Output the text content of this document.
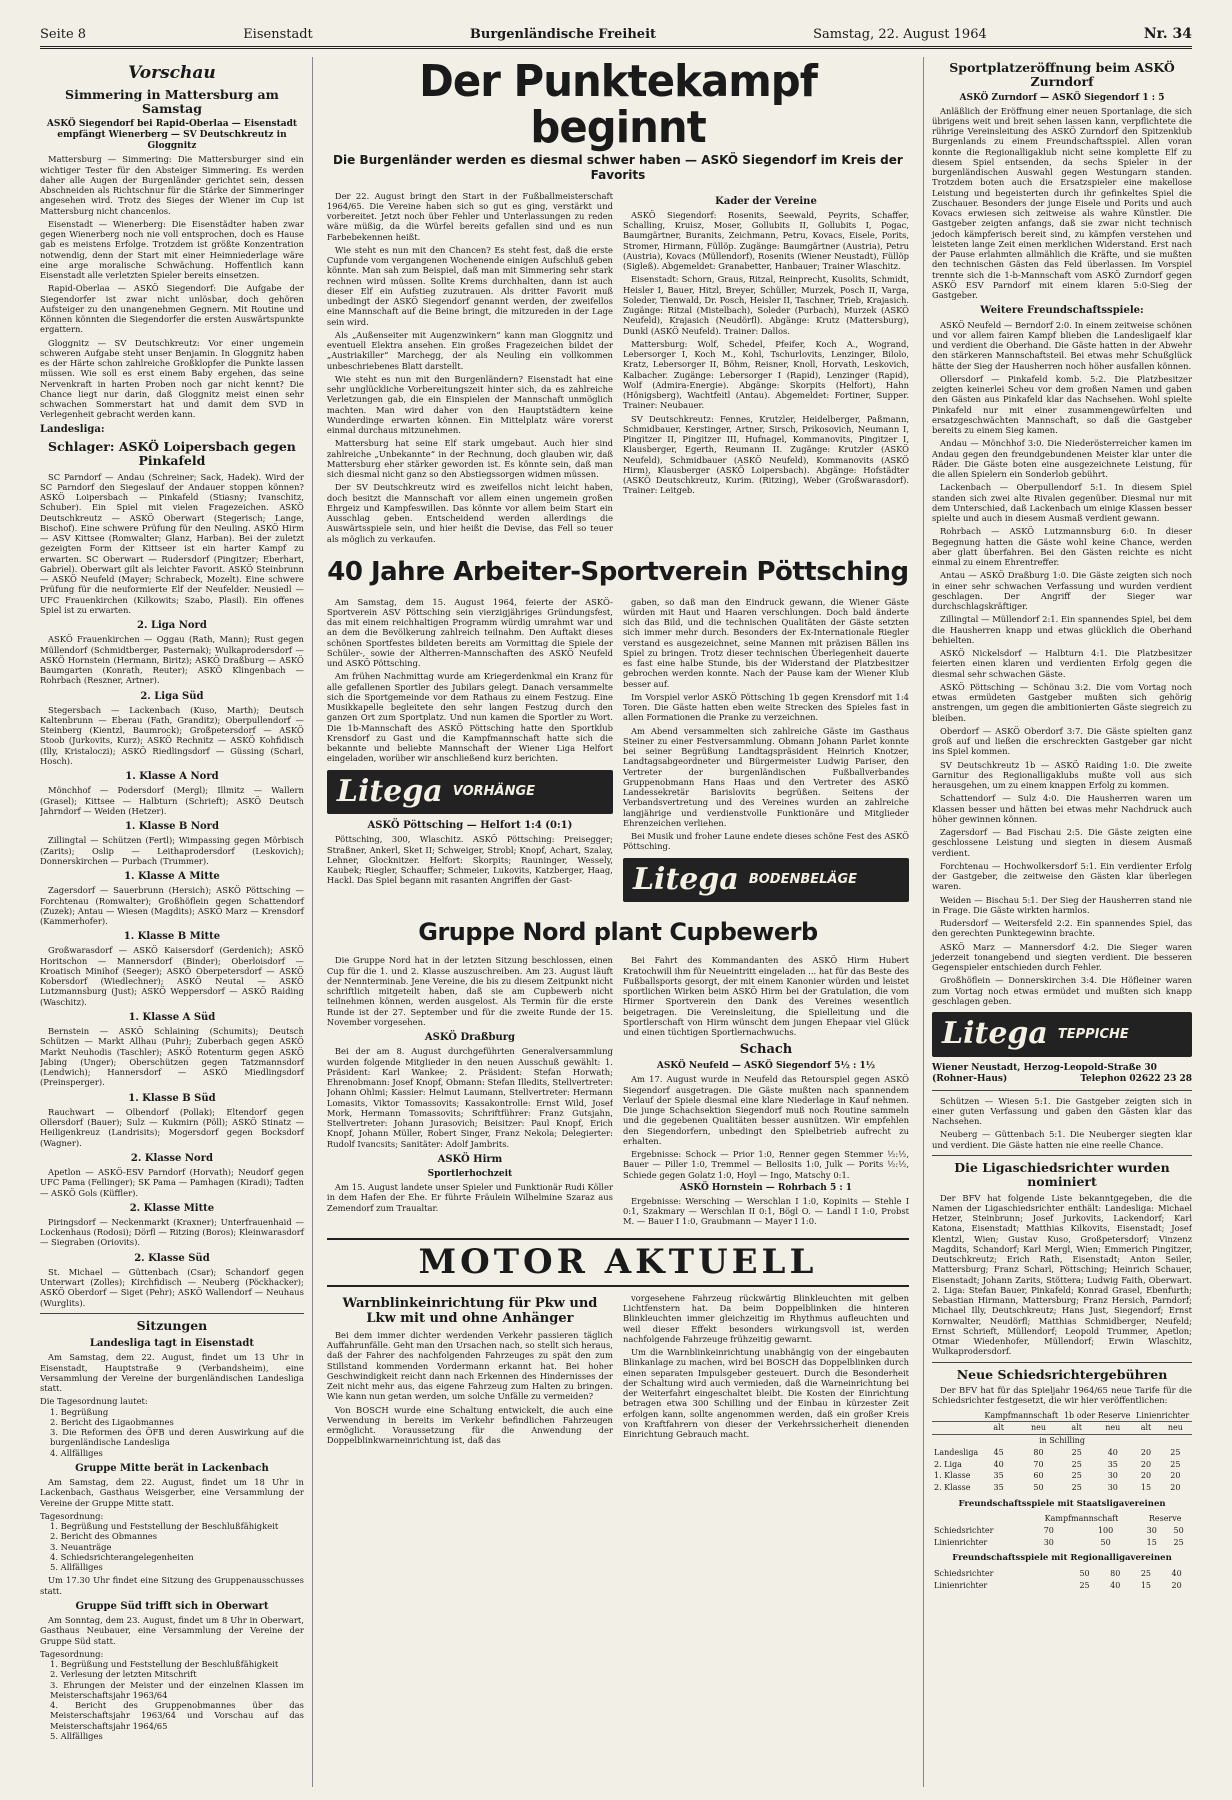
Seite 8	Eisenstadt	Burgenländische Freiheit	Samstag, 22. August 1964	Nr. 34
Vorschau
Simmering in Mattersburg am Samstag
ASKÖ Siegendorf bei Rapid-Oberlaa — Eisenstadt empfängt Wienerberg — SV Deutschkreutz in Gloggnitz

Mattersburg — Simmering: Die Mattersburger sind ein wichtiger Tester für den Absteiger Simmering. Es werden daher alle Augen der Burgenländer gerichtet sein, dessen Abschneiden als Richtschnur für die Stärke der Simmeringer angesehen wird. Trotz des Sieges der Wiener im Cup ist Mattersburg nicht chancenlos.

Eisenstadt — Wienerberg: Die Eisenstädter haben zwar gegen Wienerberg noch nie voll entsprochen, doch es Hause gab es meistens Erfolge. Trotzdem ist größte Konzentration notwendig, denn der Start mit einer Heimniederlage wäre eine arge moralische Schwächung. Hoffentlich kann Eisenstadt alle verletzten Spieler bereits einsetzen.

Rapid-Oberlaa — ASKÖ Siegendorf: Die Aufgabe der Siegendorfer ist zwar nicht unlösbar, doch gehören Aufsteiger zu den unangenehmen Gegnern. Mit Routine und Können könnten die Siegendorfer die ersten Auswärtspunkte ergattern.

Gloggnitz — SV Deutschkreutz: Vor einer ungemein schweren Aufgabe steht unser Benjamin. In Gloggnitz haben es der Härte schon zahlreiche Großklopfer die Punkte lassen müssen. Wie soll es erst einem Baby ergehen, das seine Nervenkraft in harten Proben noch gar nicht kennt? Die Chance liegt nur darin, daß Gloggnitz meist einen sehr schwachen Sommerstart hat und damit dem SVD in Verlegenheit gebracht werden kann.

Landesliga:
Schlager: ASKÖ Loipersbach gegen Pinkafeld

SC Parndorf — Andau (Schreiner; Sack, Hadek). Wird der SC Parndorf den Siegeslauf der Andauer stoppen können? ASKÖ Loipersbach — Pinkafeld (Stiasny; Ivanschitz, Schuber). Ein Spiel mit vielen Fragezeichen. ASKÖ Deutschkreutz — ASKÖ Oberwart (Stegerisch; Lange, Bischof). Eine schwere Prüfung für den Neuling. ASKÖ Hirm — ASV Kittsee (Romwalter; Glanz, Harban). Bei der zuletzt gezeigten Form der Kittseer ist ein harter Kampf zu erwarten. SC Oberwart — Rudersdorf (Pingitzer; Eberhart, Gabriel). Oberwart gilt als leichter Favorit. ASKÖ Steinbrunn — ASKÖ Neufeld (Mayer; Schrabeck, Mozelt). Eine schwere Prüfung für die neuformierte Elf der Neufelder. Neusiedl — UFC Frauenkirchen (Kilkowits; Szabo, Plasil). Ein offenes Spiel ist zu erwarten.

2. Liga Nord

ASKÖ Frauenkirchen — Oggau (Rath, Mann); Rust gegen Müllendorf (Schmidtberger, Pasternak); Wulkaprodersdorf — ASKÖ Hornstein (Hermann, Biritz); ASKÖ Draßburg — ASKÖ Baumgarten (Konrath, Reuter); ASKÖ Klingenbach — Rohrbach (Reszner, Artner).

2. Liga Süd

Stegersbach — Lackenbach (Kuso, Marth); Deutsch Kaltenbrunn — Eberau (Fath, Granditz); Oberpullendorf — Steinberg (Kientzl, Baumrock); Großpetersdorf — ASKÖ Stoob (Jurkovits, Kurz); ASKÖ Rechnitz — ASKÖ Kohfidisch (Illy, Kristaloczi); ASKÖ Riedlingsdorf — Güssing (Scharl, Hosch).

1. Klasse A Nord

Mönchhof — Podersdorf (Mergl); Illmitz — Wallern (Grasel); Kittsee — Halbturn (Schrieft); ASKÖ Deutsch Jahrndorf — Weiden (Hetzer).

1. Klasse B Nord

Zillingtal — Schützen (Fertl); Wimpassing gegen Mörbisch (Zarits); Oslip — Leithaprodersdorf (Leskovich); Donnerskirchen — Purbach (Trummer).

1. Klasse A Mitte

Zagersdorf — Sauerbrunn (Hersich); ASKÖ Pöttsching — Forchtenau (Romwalter); Großhöflein gegen Schattendorf (Zuzek); Antau — Wiesen (Magdits); ASKÖ Marz — Krensdorf (Kammerhofer).

1. Klasse B Mitte

Großwarasdorf — ASKÖ Kaisersdorf (Gerdenich); ASKÖ Horitschon — Mannersdorf (Binder); Oberloisdorf — Kroatisch Minihof (Seeger); ASKÖ Oberpetersdorf — ASKÖ Kobersdorf (Wiedlechner); ASKÖ Neutal — ASKÖ Lutzmannsburg (Just); ASKÖ Weppersdorf — ASKÖ Raiding (Waschitz).

1. Klasse A Süd

Bernstein — ASKÖ Schlaining (Schumits); Deutsch Schützen — Markt Allhau (Puhr); Zuberbach gegen ASKÖ Markt Neuhodis (Taschler); ASKÖ Rotenturm gegen ASKÖ Jabing (Unger); Oberschützen gegen Tatzmannsdorf (Lendwich); Hannersdorf — ASKÖ Miedlingsdorf (Preinsperger).

1. Klasse B Süd

Rauchwart — Olbendorf (Pollak); Eltendorf gegen Ollersdorf (Bauer); Sulz — Kukmirn (Pöll); ASKÖ Stinatz — Heiligenkreuz (Landrisits); Mogersdorf gegen Bocksdorf (Wagner).

2. Klasse Nord

Apetlon — ASKÖ-ESV Parndorf (Horvath); Neudorf gegen UFC Pama (Fellinger); SK Pama — Pamhagen (Kiradi); Tadten — ASKÖ Gols (Küffler).

2. Klasse Mitte

Piringsdorf — Neckenmarkt (Kraxner); Unterfrauenhaid — Lockenhaus (Rodosi); Dörfl — Ritzing (Boros); Kleinwarasdorf — Siegraben (Oriovits).

2. Klasse Süd

St. Michael — Güttenbach (Csar); Schandorf gegen Unterwart (Zolles); Kirchfidisch — Neuberg (Pöckhacker); ASKÖ Oberdorf — Siget (Pehr); ASKÖ Wallendorf — Neuhaus (Wurglits).

Sitzungen
Landesliga tagt in Eisenstadt

Am Samstag, dem 22. August, findet um 13 Uhr in Eisenstadt, Hauptstraße 9 (Verbandsheim), eine Versammlung der Vereine der burgenländischen Landesliga statt.

Die Tagesordnung lautet:
1. Begrüßung
2. Bericht des Ligaobmannes
3. Die Reformen des ÖFB und deren Auswirkung auf die burgenländische Landesliga
4. Allfälliges
Gruppe Mitte berät in Lackenbach

Am Samstag, dem 22. August, findet um 18 Uhr in Lackenbach, Gasthaus Weisgerber, eine Versammlung der Vereine der Gruppe Mitte statt.

Tagesordnung:
1. Begrüßung und Feststellung der Beschlußfähigkeit
2. Bericht des Obmannes
3. Neuanträge
4. Schiedsrichterangelegenheiten
5. Allfälliges

Um 17.30 Uhr findet eine Sitzung des Gruppenausschusses statt.

Gruppe Süd trifft sich in Oberwart

Am Sonntag, dem 23. August, findet um 8 Uhr in Oberwart, Gasthaus Neubauer, eine Versammlung der Vereine der Gruppe Süd statt.

Tagesordnung:
1. Begrüßung und Feststellung der Beschlußfähigkeit
2. Verlesung der letzten Mitschrift
3. Ehrungen der Meister und der einzelnen Klassen im Meisterschaftsjahr 1963/64
4. Bericht des Gruppenobmannes über das Meisterschaftsjahr 1963/64 und Vorschau auf das Meisterschaftsjahr 1964/65
5. Allfälliges
Der Punktekampf beginnt
Die Burgenländer werden es diesmal schwer haben — ASKÖ Siegendorf im Kreis der Favorits

Der 22. August bringt den Start in der Fußballmeisterschaft 1964/65. Die Vereine haben sich so gut es ging, verstärkt und vorbereitet. Jetzt noch über Fehler und Unterlassungen zu reden wäre müßig, da die Würfel bereits gefallen sind und es nun Farbebekennen heißt.

Wie steht es nun mit den Chancen? Es steht fest, daß die erste Cupfunde vom vergangenen Wochenende einigen Aufschluß geben könnte. Man sah zum Beispiel, daß man mit Simmering sehr stark rechnen wird müssen. Sollte Krems durchhalten, dann ist auch dieser Elf ein Aufstieg zuzutrauen. Als dritter Favorit muß unbedingt der ASKÖ Siegendorf genannt werden, der zweifellos eine Mannschaft auf die Beine bringt, die mitzureden in der Lage sein wird.

Als „Außenseiter mit Augenzwinkern“ kann man Gloggnitz und eventuell Elektra ansehen. Ein großes Fragezeichen bildet der „Austriakiller“ Marchegg, der als Neuling ein vollkommen unbeschriebenes Blatt darstellt.

Wie steht es nun mit den Burgenländern? Eisenstadt hat eine sehr unglückliche Vorbereitungszeit hinter sich, da es zahlreiche Verletzungen gab, die ein Einspielen der Mannschaft unmöglich machten. Man wird daher von den Hauptstädtern keine Wunderdinge erwarten können. Ein Mittelplatz wäre vorerst einmal durchaus mitzunehmen.

Mattersburg hat seine Elf stark umgebaut. Auch hier sind zahlreiche „Unbekannte“ in der Rechnung, doch glauben wir, daß Mattersburg eher stärker geworden ist. Es könnte sein, daß man sich diesmal nicht ganz so den Abstiegssorgen widmen müssen.

Der SV Deutschkreutz wird es zweifellos nicht leicht haben, doch besitzt die Mannschaft vor allem einen ungemein großen Ehrgeiz und Kampfeswillen. Das könnte vor allem beim Start ein Ausschlag geben. Entscheidend werden allerdings die Auswärtsspiele sein, und hier heißt die Devise, das Fell so teuer als möglich zu verkaufen.

Kader der Vereine

ASKÖ Siegendorf: Rosenits, Seewald, Peyrits, Schaffer, Schalling, Kruisz, Moser, Gollubits II, Gollubits I, Pogac, Baumgärtner, Buranits, Zeichmann, Petru, Kovacs, Eisele, Porits, Stromer, Hirmann, Füllöp. Zugänge: Baumgärtner (Austria), Petru (Austria), Kovacs (Müllendorf), Rosenits (Wiener Neustadt), Füllöp (Sigleß). Abgemeldet: Granabetter, Hanbauer; Trainer Wlaschitz.

Eisenstadt: Schorn, Graus, Ritzal, Reinprecht, Kusolits, Schmidt, Heisler I, Bauer, Hitzl, Breyer, Schüller, Murzek, Posch II, Varga, Soleder, Tienwald, Dr. Posch, Heisler II, Taschner, Trieb, Krajasich. Zugänge: Ritzal (Mistelbach), Soleder (Purbach), Murzek (ASKÖ Neufeld), Krajasich (Neudörfl). Abgänge: Krutz (Mattersburg), Dunkl (ASKÖ Neufeld). Trainer: Dallos.

Mattersburg: Wolf, Schedel, Pfeifer, Koch A., Wogrand, Lebersorger I, Koch M., Kohl, Tschurlovits, Lenzinger, Bilolo, Kratz, Lebersorger II, Böhm, Reisner, Knoll, Horvath, Leskovich, Kalbacher. Zugänge: Lebersorger I (Rapid), Lenzinger (Rapid), Wolf (Admira-Energie). Abgänge: Skorpits (Helfort), Hahn (Hönigsberg), Wachtfeitl (Antau). Abgemeldet: Fortiner, Supper. Trainer: Neubauer.

SV Deutschkreutz: Fennes, Krutzler, Heidelberger, Paßmann, Schmidbauer, Kerstinger, Artner, Sirsch, Prikosovich, Neumann I, Pingitzer II, Pingitzer III, Hufnagel, Kommanovits, Pingitzer I, Klausberger, Egerth, Reumann II. Zugänge: Krutzler (ASKÖ Neufeld), Schmidbauer (ASKÖ Neufeld), Kommanovits (ASKÖ Hirm), Klausberger (ASKÖ Loipersbach). Abgänge: Hofstädter (ASKÖ Deutschkreutz, Kurim. (Ritzing), Weber (Großwarasdorf). Trainer: Leitgeb.

40 Jahre Arbeiter-Sportverein Pöttsching

Am Samstag, dem 15. August 1964, feierte der ASKÖ-Sportverein ASV Pöttsching sein vierzigjähriges Gründungsfest, das mit einem reichhaltigen Programm würdig umrahmt war und an dem die Bevölkerung zahlreich teilnahm. Den Auftakt dieses schönen Sportfestes bildeten bereits am Vormittag die Spiele der Schüler-, sowie der Altherren-Mannschaften des ASKÖ Neufeld und ASKÖ Pöttsching.

Am frühen Nachmittag wurde am Kriegerdenkmal ein Kranz für alle gefallenen Sportler des Jubilars gelegt. Danach versammelte sich die Sportgemeinde vor dem Rathaus zu einem Festzug. Eine Musikkapelle begleitete den sehr langen Festzug durch den ganzen Ort zum Sportplatz. Und nun kamen die Sportler zu Wort. Die 1b-Mannschaft des ASKÖ Pöttsching hatte den Sportklub Krensdorf zu Gast und die Kampfmannschaft hatte sich die bekannte und beliebte Mannschaft der Wiener Liga Helfort eingeladen, worüber wir anschließend kurz berichten.

Litega VORHÄNGE
ASKÖ Pöttsching — Helfort 1:4 (0:1)

Pöttsching, 300, Wlaschitz. ASKÖ Pöttsching: Preisegger; Straßner, Ankerl, Sket II; Schweiger, Strobl; Knopf, Achart, Szalay, Lehner, Glocknitzer. Helfort: Skorpits; Rauninger, Wessely, Kaubek; Riegler, Schauffer; Schmeier, Lukovits, Katzberger, Haag, Hackl. Das Spiel begann mit rasanten Angriffen der Gast-

gaben, so daß man den Eindruck gewann, die Wiener Gäste würden mit Haut und Haaren verschlungen. Doch bald änderte sich das Bild, und die technischen Qualitäten der Gäste setzten sich immer mehr durch. Besonders der Ex-Internationale Riegler verstand es ausgezeichnet, seine Mannen mit präzisen Bällen ins Spiel zu bringen. Trotz dieser technischen Überlegenheit dauerte es fast eine halbe Stunde, bis der Widerstand der Platzbesitzer gebrochen werden konnte. Nach der Pause kam der Wiener Klub besser auf.

Im Vorspiel verlor ASKÖ Pöttsching 1b gegen Krensdorf mit 1:4 Toren. Die Gäste hatten eben weite Strecken des Spieles fast in allen Formationen die Pranke zu verzeichnen.

Am Abend versammelten sich zahlreiche Gäste im Gasthaus Steiner zu einer Festversammlung. Obmann Johann Parlet konnte bei seiner Begrüßung Landtagspräsident Heinrich Knotzer, Landtagsabgeordneter und Bürgermeister Ludwig Pariser, den Vertreter der burgenländischen Fußballverbandes Gruppenobmann Hans Haas und den Vertreter des ASKÖ Landessekretär Barislovits begrüßen. Seitens der Verbandsvertretung und des Vereines wurden an zahlreiche langjährige und verdienstvolle Funktionäre und Mitglieder Ehrenzeichen verliehen.

Bei Musik und froher Laune endete dieses schöne Fest des ASKÖ Pöttsching.

Litega BODENBELÄGE
Gruppe Nord plant Cupbewerb

Die Gruppe Nord hat in der letzten Sitzung beschlossen, einen Cup für die 1. und 2. Klasse auszuschreiben. Am 23. August läuft der Nennterminab. Jene Vereine, die bis zu diesem Zeitpunkt nicht schriftlich mitgeteilt haben, daß sie am Cupbewerb nicht teilnehmen können, werden ausgelost. Als Termin für die erste Runde ist der 27. September und für die zweite Runde der 15. November vorgesehen.

ASKÖ Draßburg

Bei der am 8. August durchgeführten Generalversammlung wurden folgende Mitglieder in den neuen Ausschuß gewählt: 1. Präsident: Karl Wankee; 2. Präsident: Stefan Horwath; Ehrenobmann: Josef Knopf, Obmann: Stefan Illedits, Stellvertreter: Johann Ohlmi; Kassier: Helmut Laumann, Stellvertreter: Hermann Lomasits, Viktor Tomassovits; Kassakontrolle: Ernst Wild, Josef Mork, Hermann Tomassovits; Schriftführer: Franz Gutsjahn, Stellvertreter: Johann Jurasovich; Beisitzer: Paul Knopf, Erich Knopf, Johann Müller, Robert Singer, Franz Nekola; Delegierter: Rudolf Ivancsits; Sanitäter: Adolf Jambrits.

ASKÖ Hirm
Sportlerhochzeit

Am 15. August landete unser Spieler und Funktionär Rudi Köller in dem Hafen der Ehe. Er führte Fräulein Wilhelmine Szaraz aus Zemendorf zum Traualtar.

Bei Fahrt des Kommandanten des ASKÖ Hirm Hubert Kratochwill ihm für Neueintritt eingeladen ... hat für das Beste des Fußballsports gesorgt, der mit einem Kanonier würden und leistet sportlichen Wirken beim ASKÖ Hirm bei der Gratulation, die vom Hirmer Sportverein den Dank des Vereines wesentlich beigetragen. Die Vereinsleitung, die Spielleitung und die Sportlerschaft von Hirm wünscht dem jungen Ehepaar viel Glück und einen tüchtigen Sportlernachwuchs.

Schach
ASKÖ Neufeld — ASKÖ Siegendorf 5½ : 1½

Am 17. August wurde in Neufeld das Retourspiel gegen ASKÖ Siegendorf ausgetragen. Die Gäste mußten nach spannendem Verlauf der Spiele diesmal eine klare Niederlage in Kauf nehmen. Die junge Schachsektion Siegendorf muß noch Routine sammeln und die gegebenen Qualitäten besser ausnützen. Wir empfehlen den Siegendorfern, unbedingt den Spielbetrieb aufrecht zu erhalten.

Ergebnisse: Schock — Prior 1:0, Renner gegen Stemmer ½:½, Bauer — Piller 1:0, Tremmel — Bellosits 1:0, Julk — Porits ½:½, Schiede gegen Golatz 1:0, Hoyl — Ingo, Matschy 0:1.

ASKÖ Hornstein — Rohrbach 5 : 1

Ergebnisse: Wersching — Werschlan I 1:0, Kopinits — Stehle I 0:1, Szakmary — Werschlan II 0:1, Bögl O. — Landl I 1:0, Probst M. — Bauer I 1:0, Graubmann — Mayer I 1:0.

MOTOR AKTUELL
Warnblinkeinrichtung für Pkw und Lkw mit und ohne Anhänger

Bei dem immer dichter werdenden Verkehr passieren täglich Auffahrunfälle. Geht man den Ursachen nach, so stellt sich heraus, daß der Fahrer des nachfolgenden Fahrzeuges zu spät den zum Stillstand kommenden Vordermann erkannt hat. Bei hoher Geschwindigkeit reicht dann nach Erkennen des Hindernisses der Zeit nicht mehr aus, das eigene Fahrzeug zum Halten zu bringen. Wie kann nun getan werden, um solche Unfälle zu vermeiden?

Von BOSCH wurde eine Schaltung entwickelt, die auch eine Verwendung in bereits im Verkehr befindlichen Fahrzeugen ermöglicht. Voraussetzung für die Anwendung der Doppelblinkwarneinrichtung ist, daß das

vorgesehene Fahrzeug rückwärtig Blinkleuchten mit gelben Lichtfenstern hat. Da beim Doppelblinken die hinteren Blinkleuchten immer gleichzeitig im Rhythmus aufleuchten und weil dieser Effekt besonders wirkungsvoll ist, werden nachfolgende Fahrzeuge frühzeitig gewarnt.

Um die Warnblinkeinrichtung unabhängig von der eingebauten Blinkanlage zu machen, wird bei BOSCH das Doppelblinken durch einen separaten Impulsgeber gesteuert. Durch die Besonderheit der Schaltung wird auch vermieden, daß die Warneinrichtung bei der Weiterfahrt eingeschaltet bleibt. Die Kosten der Einrichtung betragen etwa 300 Schilling und der Einbau in kürzester Zeit erfolgen kann, sollte angenommen werden, daß ein großer Kreis von Kraftfahrern von dieser der Verkehrssicherheit dienenden Einrichtung Gebrauch macht.

Sportplatzeröffnung beim ASKÖ Zurndorf
ASKÖ Zurndorf — ASKÖ Siegendorf 1 : 5

Anläßlich der Eröffnung einer neuen Sportanlage, die sich übrigens weit und breit sehen lassen kann, verpflichtete die rührige Vereinsleitung des ASKÖ Zurndorf den Spitzenklub Burgenlands zu einem Freundschaftsspiel. Allen voran konnte die Regionalligaklub nicht seine komplette Elf zu diesem Spiel entsenden, da sechs Spieler in der burgenländischen Auswahl gegen Westungarn standen. Trotzdem boten auch die Ersatzspieler eine makellose Leistung und begeisterten durch ihr gefinkeltes Spiel die Zuschauer. Besonders der junge Eisele und Porits und auch Kovacs erwiesen sich zeitweise als wahre Künstler. Die Gastgeber zeigten anfangs, daß sie zwar nicht technisch jedoch kämpferisch bereit sind, zu kämpfen verstehen und leisteten lange Zeit einen merklichen Widerstand. Erst nach der Pause erlahmten allmählich die Kräfte, und sie mußten den technischen Gästen das Feld überlassen. Im Vorspiel trennte sich die 1-b-Mannschaft vom ASKÖ Zurndorf gegen ASKÖ ESV Parndorf mit einem klaren 5:0-Sieg der Gastgeber.

Weitere Freundschaftsspiele:

ASKÖ Neufeld — Berndorf 2:0. In einem zeitweise schönen und vor allem fairen Kampf blieben die Landesligaelf klar und verdient die Oberhand. Die Gäste hatten in der Abwehr den stärkeren Mannschaftsteil. Bei etwas mehr Schußglück hätte der Sieg der Hausherren noch höher ausfallen können.

Ollersdorf — Pinkafeld komb. 5:2. Die Platzbesitzer zeigten keinerlei Scheu vor dem großen Namen und gaben den Gästen aus Pinkafeld klar das Nachsehen. Wohl spielte Pinkafeld nur mit einer zusammengewürfelten und ersatzgeschwächten Mannschaft, so daß die Gastgeber bereits zu einem Sieg kamen.

Andau — Mönchhof 3:0. Die Niederösterreicher kamen im Andau gegen den freundgebundenen Meister klar unter die Räder. Die Gäste boten eine ausgezeichnete Leistung, für die allen Spielern ein Sonderlob gebührt.

Lackenbach — Oberpullendorf 5:1. In diesem Spiel standen sich zwei alte Rivalen gegenüber. Diesmal nur mit dem Unterschied, daß Lackenbach um einige Klassen besser spielte und auch in diesem Ausmaß verdient gewann.

Rohrbach — ASKÖ Lutzmannsburg 6:0. In dieser Begegnung hatten die Gäste wohl keine Chance, werden aber glatt überfahren. Bei den Gästen reichte es nicht einmal zu einem Ehrentreffer.

Antau — ASKÖ Draßburg 1:0. Die Gäste zeigten sich noch in einer sehr schwachen Verfassung und wurden verdient geschlagen. Der Angriff der Sieger war durchschlagskräftiger.

Zillingtal — Müllendorf 2:1. Ein spannendes Spiel, bei dem die Hausherren knapp und etwas glücklich die Oberhand behielten.

ASKÖ Nickelsdorf — Halbturn 4:1. Die Platzbesitzer feierten einen klaren und verdienten Erfolg gegen die diesmal sehr schwachen Gäste.

ASKÖ Pöttsching — Schönau 3:2. Die vom Vortag noch etwas ermüdeten Gastgeber mußten sich gehörig anstrengen, um gegen die ambitionierten Gäste siegreich zu bleiben.

Oberdorf — ASKÖ Oberdorf 3:7. Die Gäste spielten ganz groß auf und ließen die erschreckten Gastgeber gar nicht ins Spiel kommen.

SV Deutschkreutz 1b — ASKÖ Raiding 1:0. Die zweite Garnitur des Regionalligaklubs mußte voll aus sich herausgehen, um zu einem knappen Erfolg zu kommen.

Schattendorf — Sulz 4:0. Die Hausherren waren um Klassen besser und hätten bei etwas mehr Nachdruck auch höher gewinnen können.

Zagersdorf — Bad Fischau 2:5. Die Gäste zeigten eine geschlossene Leistung und siegten in diesem Ausmaß verdient.

Forchtenau — Hochwolkersdorf 5:1. Ein verdienter Erfolg der Gastgeber, die zeitweise den Gästen klar überlegen waren.

Weiden — Bischau 5:1. Der Sieg der Hausherren stand nie in Frage. Die Gäste wirkten harmlos.

Rudersdorf — Weitersfeld 2:2. Ein spannendes Spiel, das den gerechten Punktegewinn brachte.

ASKÖ Marz — Mannersdorf 4:2. Die Sieger waren jederzeit tonangebend und siegten verdient. Die besseren Gegenspieler entschieden durch Fehler.

Großhöflein — Donnerskirchen 3:4. Die Höfleiner waren zum Vortag noch etwas ermüdet und mußten sich knapp geschlagen geben.

Litega TEPPICHE
Wiener Neustadt, Herzog-Leopold-Straße 30
(Rohner-Haus)	Telephon 02622 23 28

Schützen — Wiesen 5:1. Die Gastgeber zeigten sich in einer guten Verfassung und gaben den Gästen klar das Nachsehen.

Neuberg — Güttenbach 5:1. Die Neuberger siegten klar und verdient. Die Gäste hatten nie eine reelle Chance.

Die Ligaschiedsrichter wurden nominiert

Der BFV hat folgende Liste bekanntgegeben, die die Namen der Ligaschiedsrichter enthält: Landesliga: Michael Hetzer, Steinbrunn; Josef Jurkovits, Lackendorf; Karl Katona, Eisenstadt; Matthias Kilkovits, Eisenstadt; Josef Klentzl, Wien; Gustav Kuso, Großpetersdorf; Vinzenz Magdits, Schandorf; Karl Mergl, Wien; Emmerich Pingitzer, Deutschkreutz; Erich Rath, Eisenstadt; Anton Seiler, Mattersburg; Franz Scharl, Pöttsching; Heinrich Schauer, Eisenstadt; Johann Zarits, Stöttera; Ludwig Faith, Oberwart. 2. Liga: Stefan Bauer, Pinkafeld; Konrad Grasel, Ebenfurth; Sebastian Hirmann, Mattersburg; Franz Hersich, Parndorf; Michael Illy, Deutschkreutz; Hans Just, Siegendorf; Ernst Kornwalter, Neudörfl; Matthias Schmidberger, Neufeld; Ernst Schrieft, Müllendorf; Leopold Trummer, Apetlon; Otmar Wiedenhofer, Müllendorf; Erwin Wlaschitz, Wulkaprodersdorf.

Neue Schiedsrichtergebühren

Der BFV hat für das Spieljahr 1964/65 neue Tarife für die Schiedsrichter festgesetzt, die wir hier veröffentlichen:

	Kampfmannschaft		1b oder Reserve		Linienrichter	
	alt	neu	alt	neu	alt	neu
in Schilling						
Landesliga	45	80	25	40	20	25
2. Liga	40	70	25	35	20	25
1. Klasse	35	60	25	30	20	20
2. Klasse	35	50	25	30	15	20
Freundschaftsspiele mit Staatsligavereinen
	Kampfmannschaft		Reserve	
Schiedsrichter	70	100	30	50
Linienrichter	30	50	15	25
Freundschaftsspiele mit Regionalligavereinen
Schiedsrichter	50	80	25	40
Linienrichter	25	40	15	20
